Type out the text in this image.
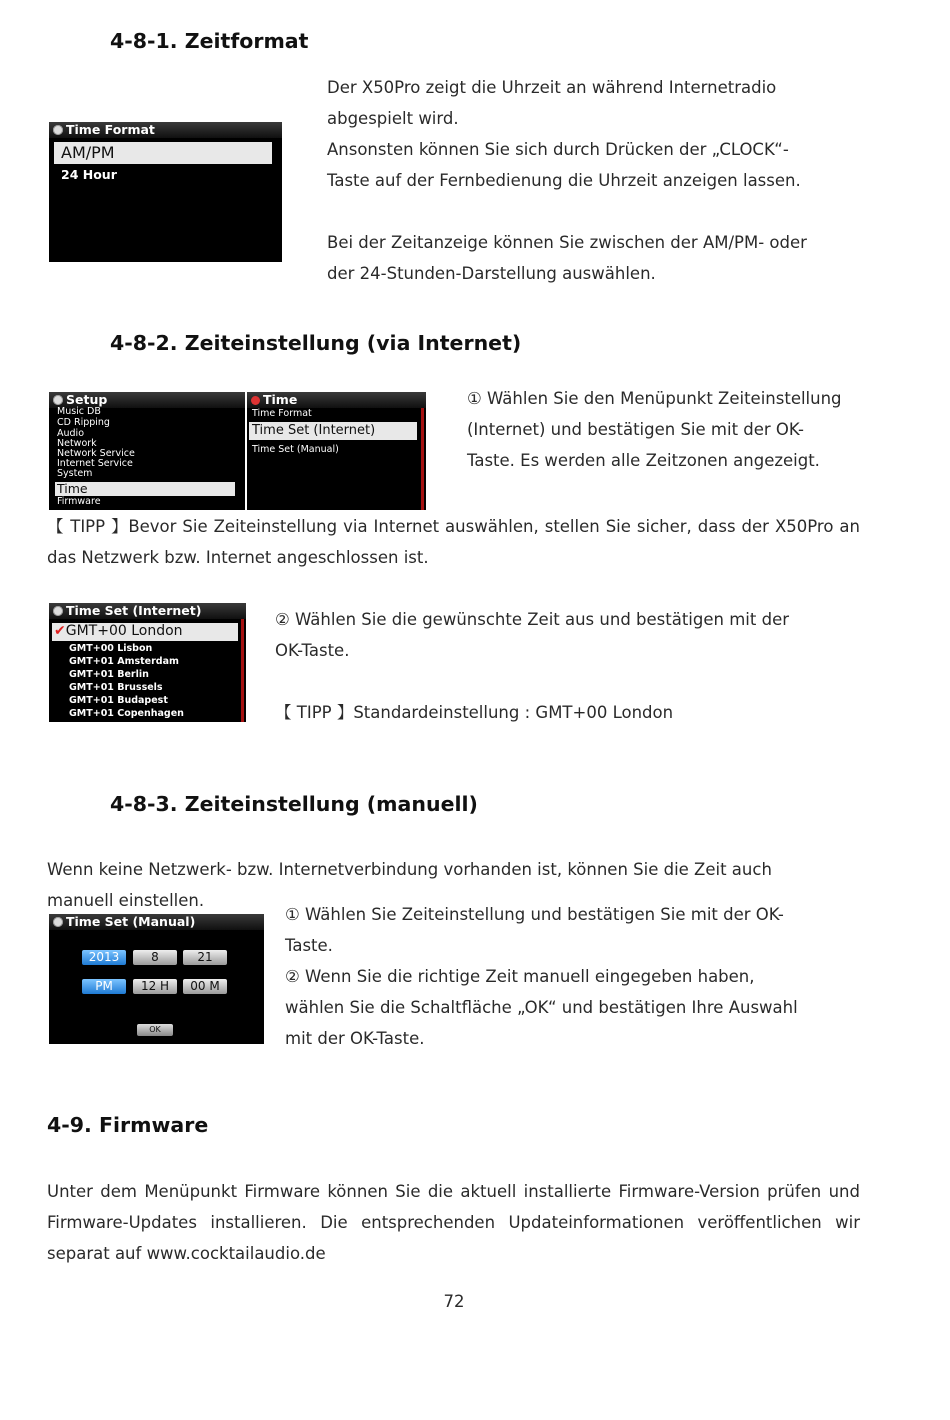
4-8-1. Zeitformat
Time Format
AM/PM
24 Hour
Der X50Pro zeigt die Uhrzeit an während Internetradio
abgespielt wird.
Ansonsten können Sie sich durch Drücken der „CLOCK“-
Taste auf der Fernbedienung die Uhrzeit anzeigen lassen.

Bei der Zeitanzeige können Sie zwischen der AM/PM- oder
der 24-Stunden-Darstellung auswählen.
4-8-2. Zeiteinstellung (via Internet)
Setup
Music DB
CD Ripping
Audio
Network
Network Service
Internet Service
System
Time
Firmware
Time
Time Format
Time Set (Internet)
Time Set (Manual)
① Wählen Sie den Menüpunkt Zeiteinstellung
(Internet) und bestätigen Sie mit der OK-
Taste. Es werden alle Zeitzonen angezeigt.
【 TIPP 】Bevor Sie Zeiteinstellung via Internet auswählen, stellen Sie sicher, dass der X50Pro an
das Netzwerk bzw. Internet angeschlossen ist.
Time Set (Internet)
✔GMT+00 London
GMT+00 Lisbon
GMT+01 Amsterdam
GMT+01 Berlin
GMT+01 Brussels
GMT+01 Budapest
GMT+01 Copenhagen
② Wählen Sie die gewünschte Zeit aus und bestätigen mit der
OK-Taste.

【 TIPP 】Standardeinstellung : GMT+00 London
4-8-3. Zeiteinstellung (manuell)
Wenn keine Netzwerk- bzw. Internetverbindung vorhanden ist, können Sie die Zeit auch
manuell einstellen.
Time Set (Manual)
2013	8	21
PM	12 H	00 M
OK
① Wählen Sie Zeiteinstellung und bestätigen Sie mit der OK-
Taste.
② Wenn Sie die richtige Zeit manuell eingegeben haben,
wählen Sie die Schaltfläche „OK“ und bestätigen Ihre Auswahl
mit der OK-Taste.
4-9. Firmware
Unter dem Menüpunkt Firmware können Sie die aktuell installierte Firmware-Version prüfen und
Firmware-Updates installieren. Die entsprechenden Updateinformationen veröffentlichen wir
separat auf www.cocktailaudio.de
72
